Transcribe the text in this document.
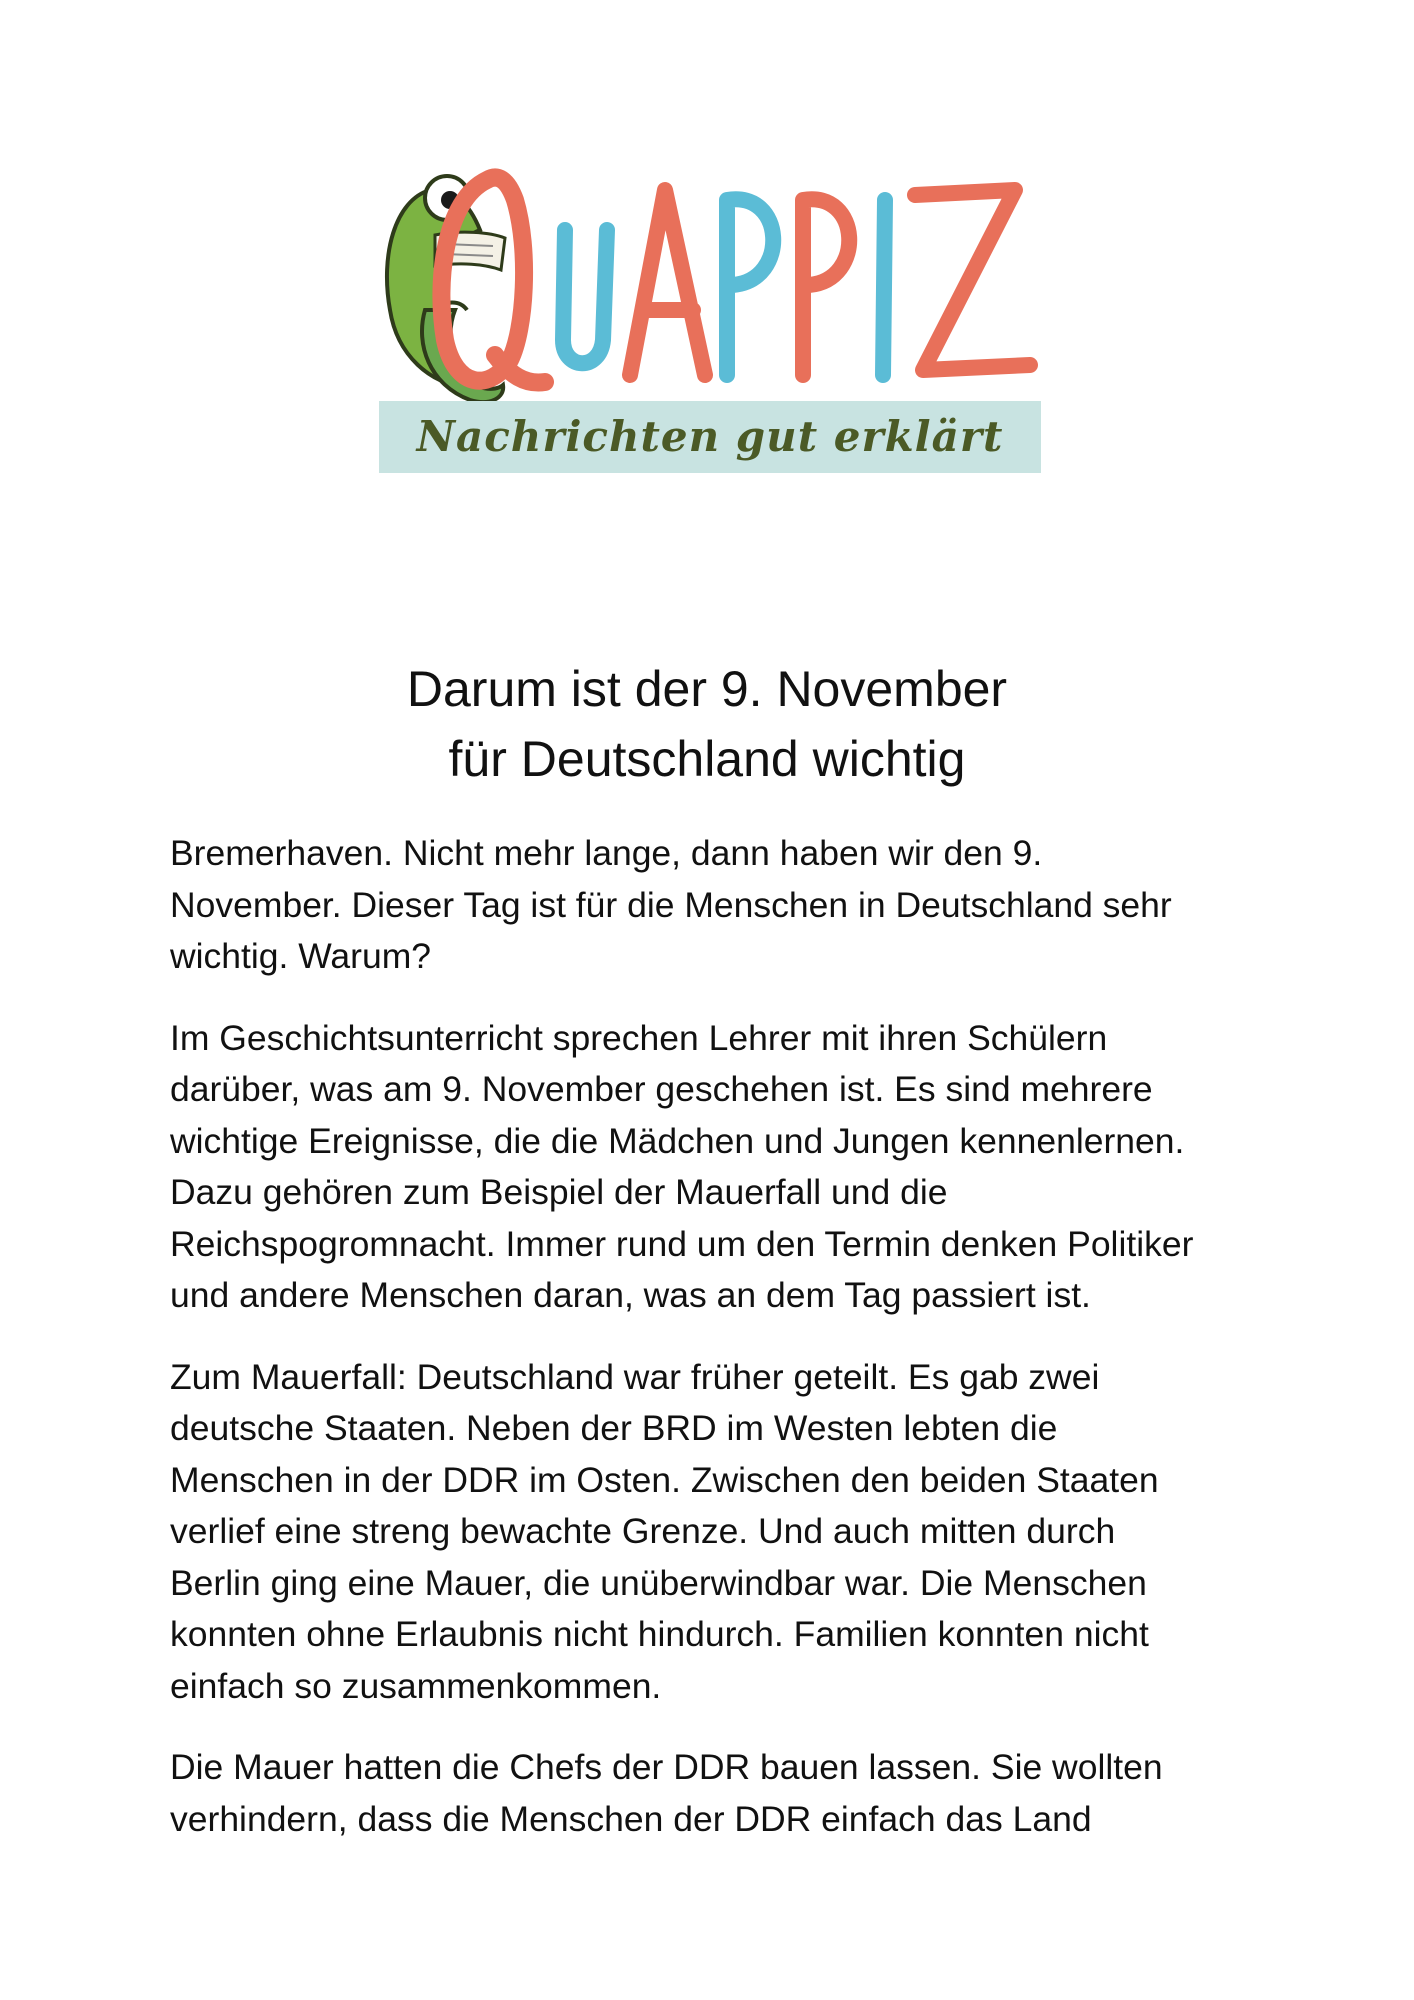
Nachrichten gut erklärt
Darum ist der 9. November
für Deutschland wichtig

Bremerhaven. Nicht mehr lange, dann haben wir den 9.
November. Dieser Tag ist für die Menschen in Deutschland sehr
wichtig. Warum?

Im Geschichtsunterricht sprechen Lehrer mit ihren Schülern
darüber, was am 9. November geschehen ist. Es sind mehrere
wichtige Ereignisse, die die Mädchen und Jungen kennenlernen.
Dazu gehören zum Beispiel der Mauerfall und die
Reichspogromnacht. Immer rund um den Termin denken Politiker
und andere Menschen daran, was an dem Tag passiert ist.

Zum Mauerfall: Deutschland war früher geteilt. Es gab zwei
deutsche Staaten. Neben der BRD im Westen lebten die
Menschen in der DDR im Osten. Zwischen den beiden Staaten
verlief eine streng bewachte Grenze. Und auch mitten durch
Berlin ging eine Mauer, die unüberwindbar war. Die Menschen
konnten ohne Erlaubnis nicht hindurch. Familien konnten nicht
einfach so zusammenkommen.

Die Mauer hatten die Chefs der DDR bauen lassen. Sie wollten
verhindern, dass die Menschen der DDR einfach das Land
